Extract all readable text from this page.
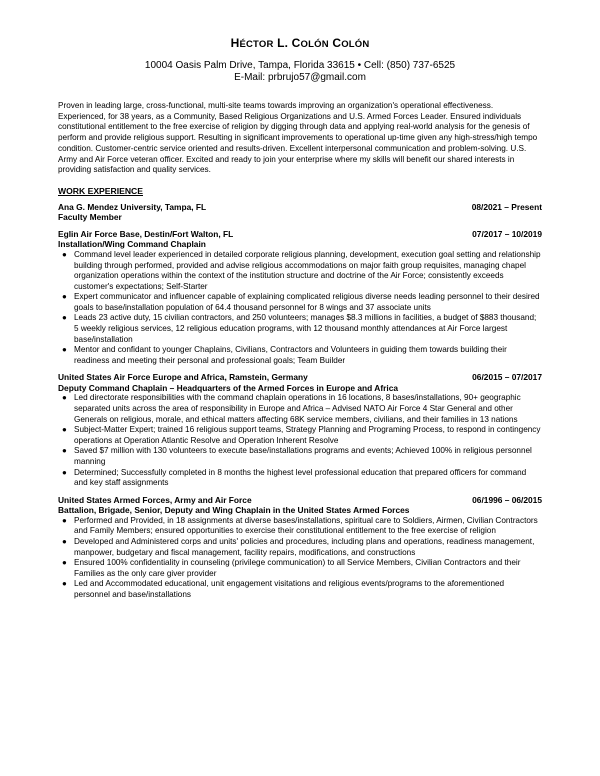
HÉCTOR L. COLÓN COLÓN
10004 Oasis Palm Drive, Tampa, Florida 33615 • Cell: (850) 737-6525
E-Mail: prbrujo57@gmail.com
Proven in leading large, cross-functional, multi-site teams towards improving an organization's operational effectiveness. Experienced, for 38 years, as a Community, Based Religious Organizations and U.S. Armed Forces Leader. Ensured individuals constitutional entitlement to the free exercise of religion by digging through data and applying real-world analysis for the genesis of perform and provide religious support. Resulting in significant improvements to operational up-time given any high-stress/high tempo condition. Customer-centric service oriented and results-driven. Excellent interpersonal communication and problem-solving. U.S. Army and Air Force veteran officer. Excited and ready to join your enterprise where my skills will benefit our shared interests in providing satisfaction and quality services.
WORK EXPERIENCE
Ana G. Mendez University, Tampa, FL	08/2021 – Present
Faculty Member
Eglin Air Force Base, Destin/Fort Walton, FL	07/2017 – 10/2019
Installation/Wing Command Chaplain
● Command level leader experienced in detailed corporate religious planning, development, execution goal setting and relationship building through performed, provided and advise religious accommodations on major faith group requisites, managing chapel organization operations within the context of the institution structure and doctrine of the Air Force; consistently exceeds customer's expectations; Self-Starter
● Expert communicator and influencer capable of explaining complicated religious diverse needs leading personnel to their desired goals to base/installation population of 64.4 thousand personnel for 8 wings and 37 associate units
● Leads 23 active duty, 15 civilian contractors, and 250 volunteers; manages $8.3 millions in facilities, a budget of $883 thousand; 5 weekly religious services, 12 religious education programs, with 12 thousand monthly attendances at Air Force largest base/installation
● Mentor and confidant to younger Chaplains, Civilians, Contractors and Volunteers in guiding them towards building their readiness and meeting their personal and professional goals; Team Builder
United States Air Force Europe and Africa, Ramstein, Germany	06/2015 – 07/2017
Deputy Command Chaplain – Headquarters of the Armed Forces in Europe and Africa
● Led directorate responsibilities with the command chaplain operations in 16 locations, 8 bases/installations, 90+ geographic separated units across the area of responsibility in Europe and Africa – Advised NATO Air Force 4 Star General and other Generals on religious, morale, and ethical matters affecting 68K service members, civilians, and their families in 13 nations
● Subject-Matter Expert; trained 16 religious support teams, Strategy Planning and Programing Process, to respond in contingency operations at Operation Atlantic Resolve and Operation Inherent Resolve
● Saved $7 million with 130 volunteers to execute base/installations programs and events; Achieved 100% in religious personnel manning
● Determined; Successfully completed in 8 months the highest level professional education that prepared officers for command and key staff assignments
United States Armed Forces, Army and Air Force	06/1996 – 06/2015
Battalion, Brigade, Senior, Deputy and Wing Chaplain in the United States Armed Forces
● Performed and Provided, in 18 assignments at diverse bases/installations, spiritual care to Soldiers, Airmen, Civilian Contractors and Family Members; ensured opportunities to exercise their constitutional entitlement to the free exercise of religion
● Developed and Administered corps and units' policies and procedures, including plans and operations, readiness management, manpower, budgetary and fiscal management, facility repairs, modifications, and constructions
● Ensured 100% confidentiality in counseling (privilege communication) to all Service Members, Civilian Contractors and their Families as the only care giver provider
● Led and Accommodated educational, unit engagement visitations and religious events/programs to the aforementioned personnel and base/installations
